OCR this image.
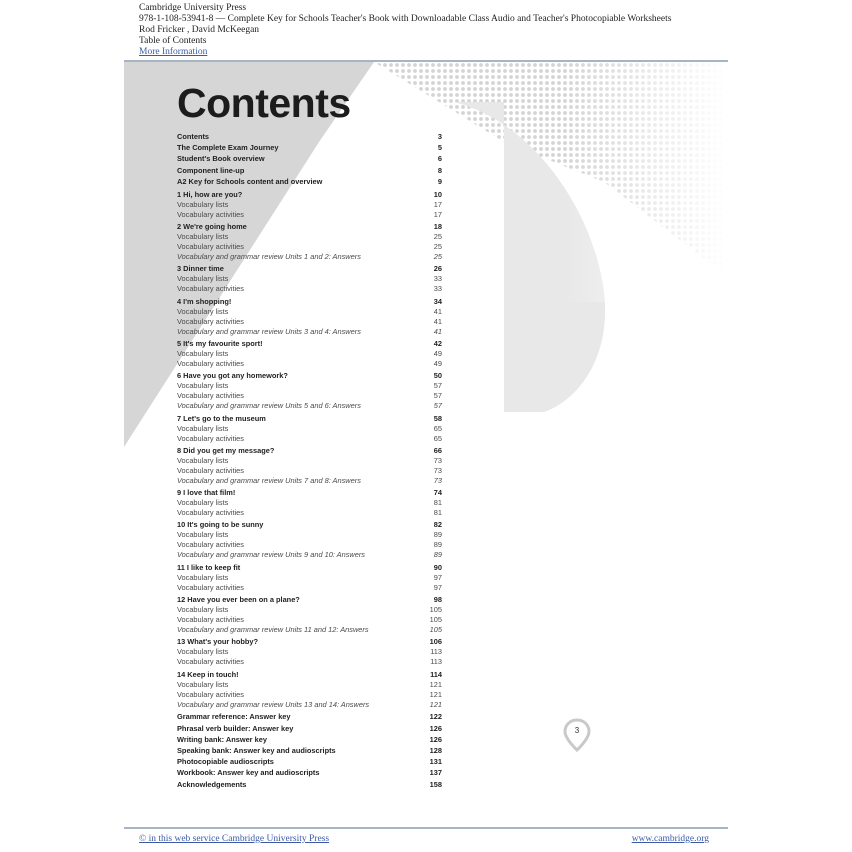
Cambridge University Press
978-1-108-53941-8 — Complete Key for Schools Teacher's Book with Downloadable Class Audio and Teacher's Photocopiable Worksheets
Rod Fricker , David McKeegan
Table of Contents
More Information
Contents
Contents	3
The Complete Exam Journey	5
Student's Book overview	6
Component line-up	8
A2 Key for Schools content and overview	9
1 Hi, how are you?	10
Vocabulary lists	17
Vocabulary activities	17
2 We're going home	18
Vocabulary lists	25
Vocabulary activities	25
Vocabulary and grammar review Units 1 and 2: Answers	25
3 Dinner time	26
Vocabulary lists	33
Vocabulary activities	33
4 I'm shopping!	34
Vocabulary lists	41
Vocabulary activities	41
Vocabulary and grammar review Units 3 and 4: Answers	41
5 It's my favourite sport!	42
Vocabulary lists	49
Vocabulary activities	49
6 Have you got any homework?	50
Vocabulary lists	57
Vocabulary activities	57
Vocabulary and grammar review Units 5 and 6: Answers	57
7 Let's go to the museum	58
Vocabulary lists	65
Vocabulary activities	65
8 Did you get my message?	66
Vocabulary lists	73
Vocabulary activities	73
Vocabulary and grammar review Units 7 and 8: Answers	73
9 I love that film!	74
Vocabulary lists	81
Vocabulary activities	81
10 It's going to be sunny	82
Vocabulary lists	89
Vocabulary activities	89
Vocabulary and grammar review Units 9 and 10: Answers	89
11 I like to keep fit	90
Vocabulary lists	97
Vocabulary activities	97
12 Have you ever been on a plane?	98
Vocabulary lists	105
Vocabulary activities	105
Vocabulary and grammar review Units 11 and 12: Answers	105
13 What's your hobby?	106
Vocabulary lists	113
Vocabulary activities	113
14 Keep in touch!	114
Vocabulary lists	121
Vocabulary activities	121
Vocabulary and grammar review Units 13 and 14: Answers	121
Grammar reference: Answer key	122
Phrasal verb builder: Answer key	126
Writing bank: Answer key	126
Speaking bank: Answer key and audioscripts	128
Photocopiable audioscripts	131
Workbook: Answer key and audioscripts	137
Acknowledgements	158
3
© in this web service Cambridge University Press	www.cambridge.org
